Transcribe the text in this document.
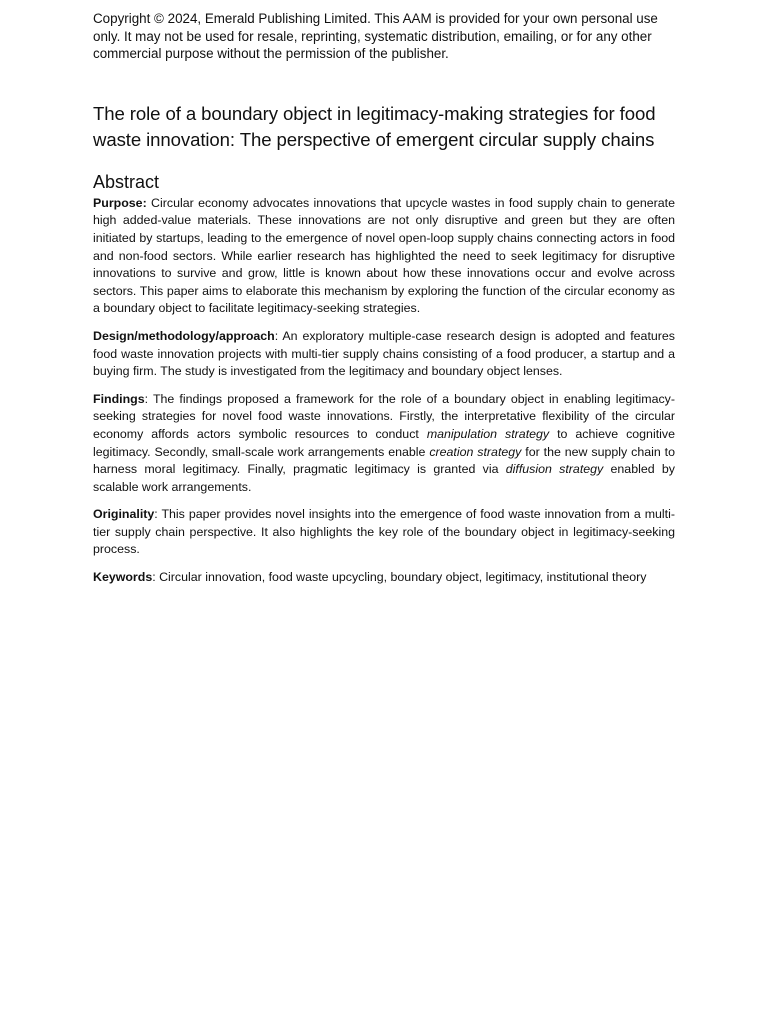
Copyright © 2024, Emerald Publishing Limited. This AAM is provided for your own personal use only. It may not be used for resale, reprinting, systematic distribution, emailing, or for any other commercial purpose without the permission of the publisher.

The role of a boundary object in legitimacy-making strategies for food waste innovation: The perspective of emergent circular supply chains
Abstract

Purpose: Circular economy advocates innovations that upcycle wastes in food supply chain to generate high added-value materials. These innovations are not only disruptive and green but they are often initiated by startups, leading to the emergence of novel open-loop supply chains connecting actors in food and non-food sectors. While earlier research has highlighted the need to seek legitimacy for disruptive innovations to survive and grow, little is known about how these innovations occur and evolve across sectors. This paper aims to elaborate this mechanism by exploring the function of the circular economy as a boundary object to facilitate legitimacy-seeking strategies.

Design/methodology/approach: An exploratory multiple-case research design is adopted and features food waste innovation projects with multi-tier supply chains consisting of a food producer, a startup and a buying firm. The study is investigated from the legitimacy and boundary object lenses.

Findings: The findings proposed a framework for the role of a boundary object in enabling legitimacy-seeking strategies for novel food waste innovations. Firstly, the interpretative flexibility of the circular economy affords actors symbolic resources to conduct manipulation strategy to achieve cognitive legitimacy. Secondly, small-scale work arrangements enable creation strategy for the new supply chain to harness moral legitimacy. Finally, pragmatic legitimacy is granted via diffusion strategy enabled by scalable work arrangements.

Originality: This paper provides novel insights into the emergence of food waste innovation from a multi-tier supply chain perspective. It also highlights the key role of the boundary object in legitimacy-seeking process.

Keywords: Circular innovation, food waste upcycling, boundary object, legitimacy, institutional theory
